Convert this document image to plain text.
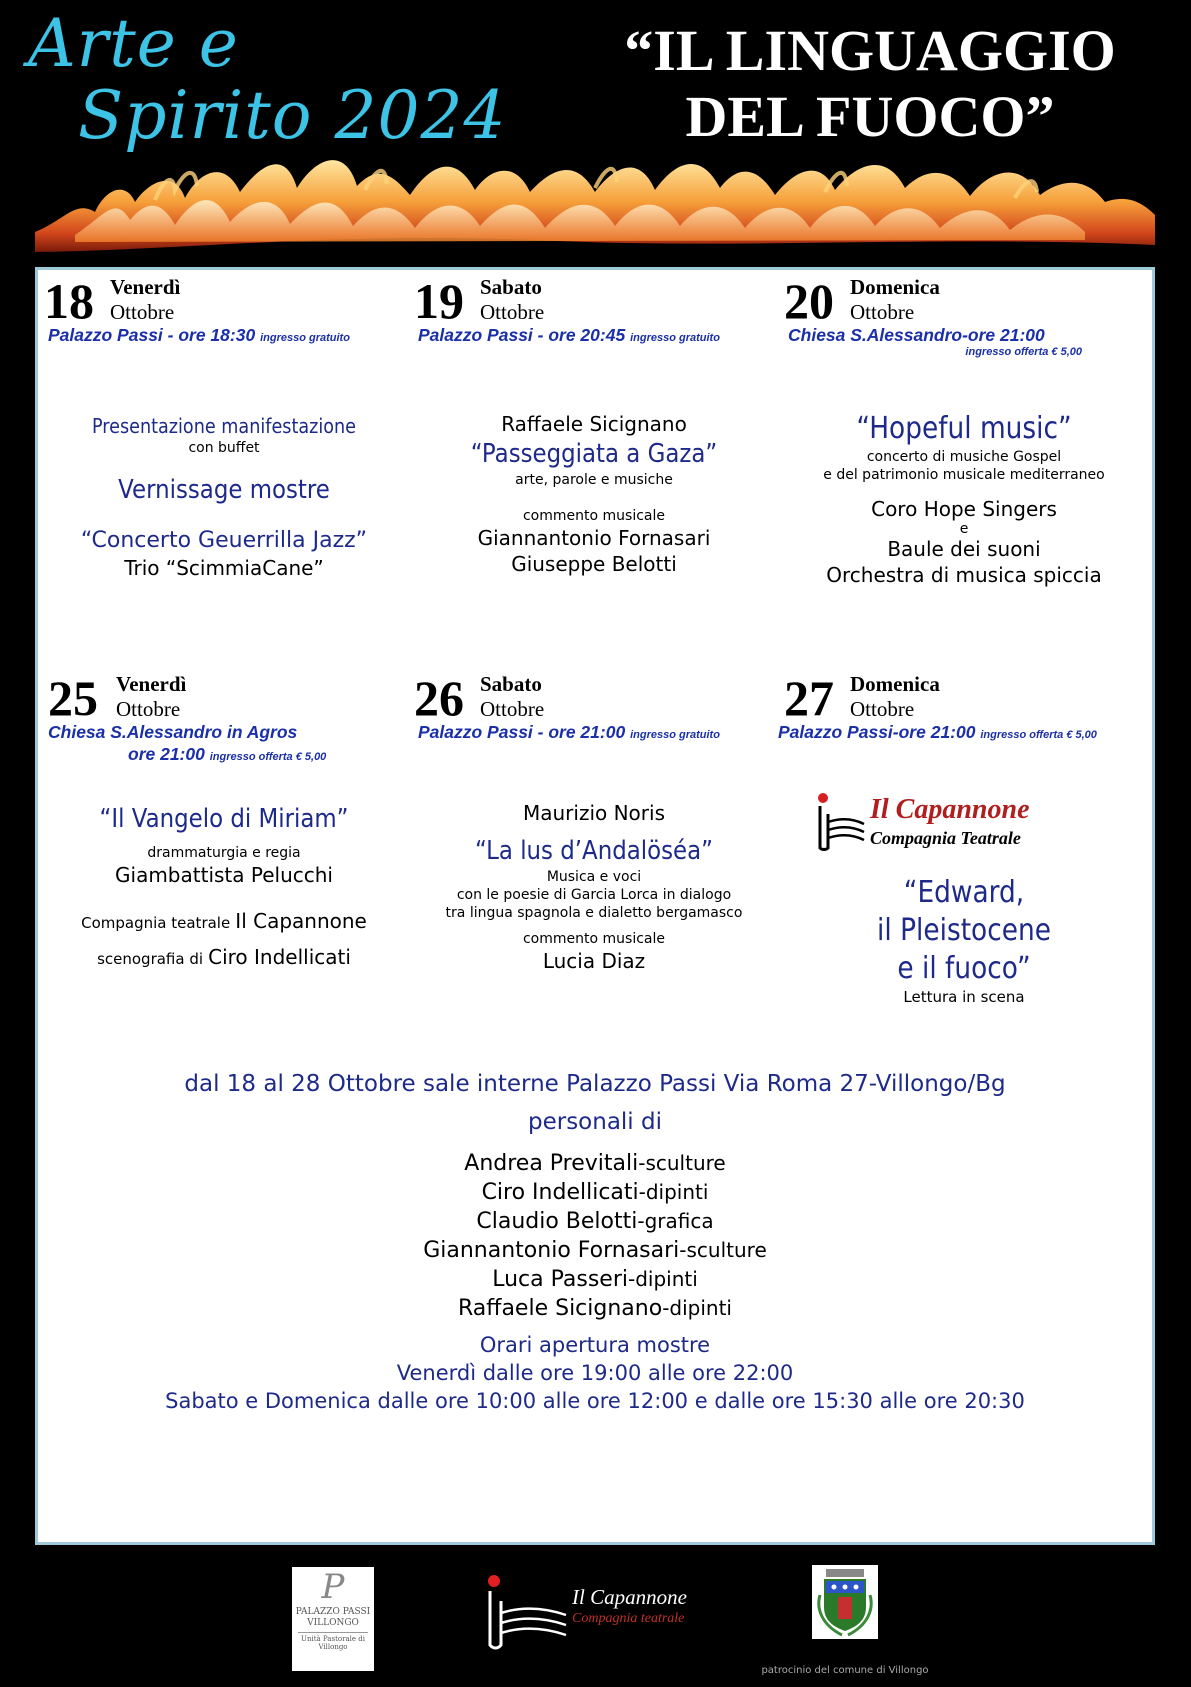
Arte e
Spirito 2024
“IL LINGUAGGIO
DEL FUOCO”
18 Venerdì
Ottobre
Palazzo Passi - ore 18:30 ingresso gratuito
Presentazione manifestazione
con buffet
Vernissage mostre
“Concerto Geuerrilla Jazz”
Trio “ScimmiaCane”
19 Sabato
Ottobre
Palazzo Passi - ore 20:45 ingresso gratuito
Raffaele Sicignano
“Passeggiata a Gaza”
arte, parole e musiche
commento musicale
Giannantonio Fornasari
Giuseppe Belotti
20 Domenica
Ottobre
Chiesa S.Alessandro-ore 21:00
ingresso offerta € 5,00
“Hopeful music”
concerto di musiche Gospel
e del patrimonio musicale mediterraneo
Coro Hope Singers
e
Baule dei suoni
Orchestra di musica spiccia
25 Venerdì
Ottobre
Chiesa S.Alessandro in Agros
ore 21:00 ingresso offerta € 5,00
“Il Vangelo di Miriam”
drammaturgia e regia
Giambattista Pelucchi
Compagnia teatrale Il Capannone
scenografia di Ciro Indellicati
26 Sabato
Ottobre
Palazzo Passi - ore 21:00 ingresso gratuito
Maurizio Noris
“La lus d’Andalöséa”
Musica e voci
con le poesie di Garcia Lorca in dialogo
tra lingua spagnola e dialetto bergamasco
commento musicale
Lucia Diaz
27 Domenica
Ottobre
Palazzo Passi-ore 21:00 ingresso offerta € 5,00
Il Capannone
Compagnia Teatrale
“Edward,
il Pleistocene
e il fuoco”
Lettura in scena
dal 18 al 28 Ottobre sale interne Palazzo Passi Via Roma 27-Villongo/Bg
personali di
Andrea Previtali-sculture
Ciro Indellicati-dipinti
Claudio Belotti-grafica
Giannantonio Fornasari-sculture
Luca Passeri-dipinti
Raffaele Sicignano-dipinti
Orari apertura mostre
Venerdì dalle ore 19:00 alle ore 22:00
Sabato e Domenica dalle ore 10:00 alle ore 12:00 e dalle ore 15:30 alle ore 20:30
P
PALAZZO PASSI
VILLONGO
Unità Pastorale di
Villongo
Il Capannone
Compagnia teatrale
patrocinio del comune di Villongo
